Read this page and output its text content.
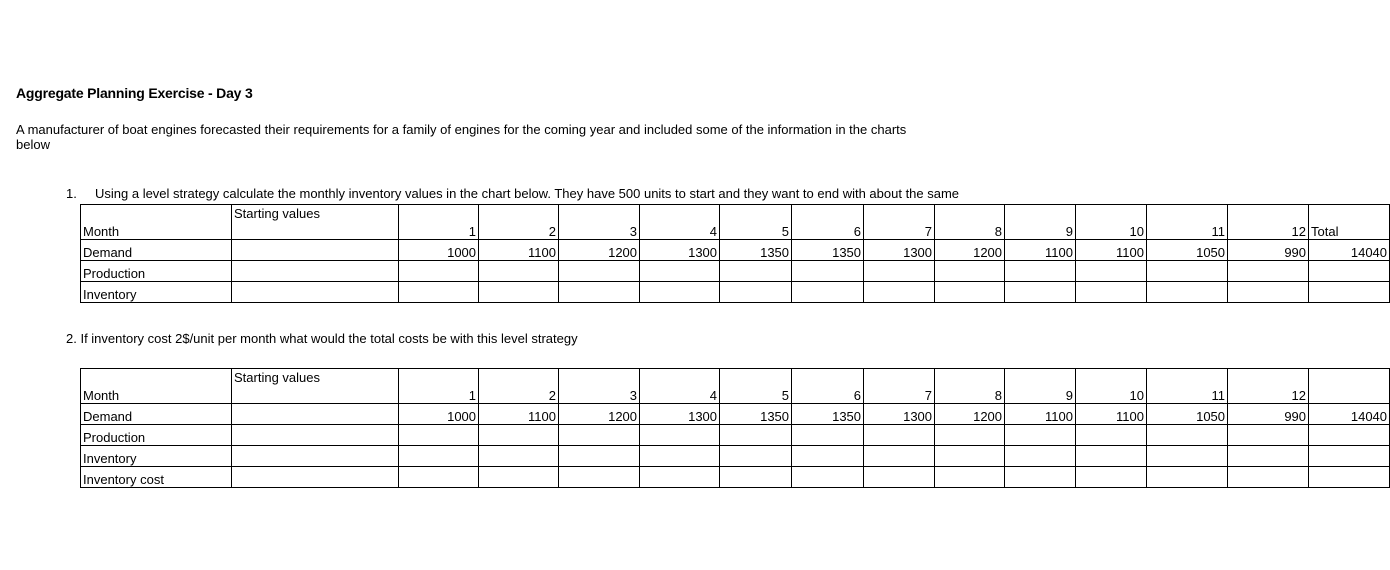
Aggregate Planning Exercise - Day 3
A manufacturer of boat engines forecasted their requirements for a family of engines for the coming year and included some of the information in the charts below
1. Using a level strategy calculate the monthly inventory values in the chart below. They have 500 units to start and they want to end with about the same
Month	Starting values	1	2	3	4	5	6	7	8	9	10	11	12	Total
Demand		1000	1100	1200	1300	1350	1350	1300	1200	1100	1100	1050	990	14040
Production														
Inventory														
2. If inventory cost 2$/unit per month what would the total costs be with this level strategy
Month	Starting values	1	2	3	4	5	6	7	8	9	10	11	12	
Demand		1000	1100	1200	1300	1350	1350	1300	1200	1100	1100	1050	990	14040
Production														
Inventory														
Inventory cost														
